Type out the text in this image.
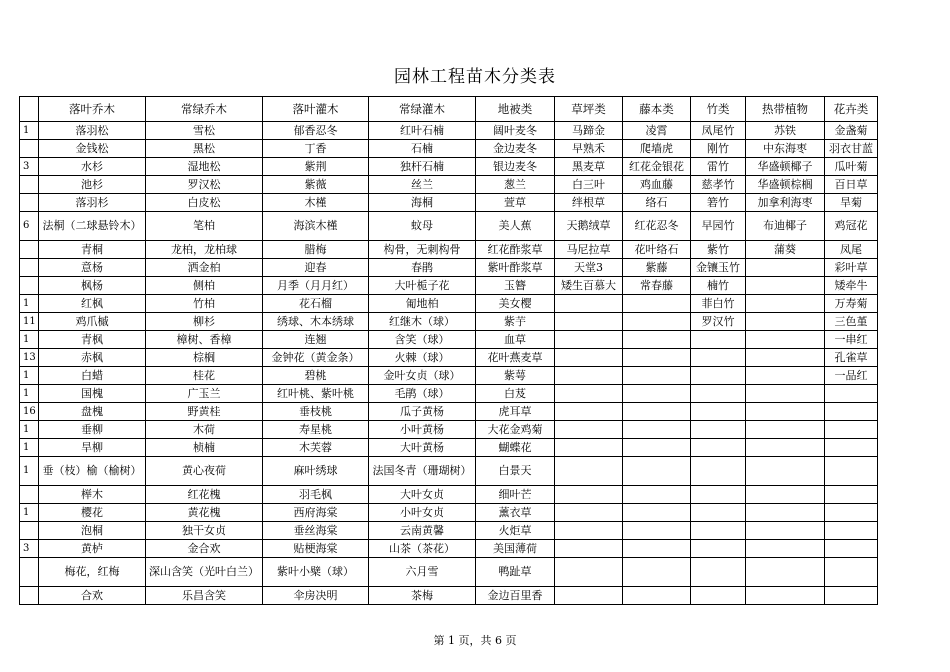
园林工程苗木分类表
	落叶乔木	常绿乔木	落叶灌木	常绿灌木	地被类	草坪类	藤本类	竹类	热带植物	花卉类
1	落羽松	雪松	郁香忍冬	红叶石楠	阔叶麦冬	马蹄金	凌霄	凤尾竹	苏铁	金盏菊
	金钱松	黑松	丁香	石楠	金边麦冬	早熟禾	爬墙虎	刚竹	中东海枣	羽衣甘蓝
3	水杉	湿地松	紫荆	独杆石楠	银边麦冬	黑麦草	红花金银花	雷竹	华盛顿椰子	瓜叶菊
	池杉	罗汉松	紫薇	丝兰	葱兰	白三叶	鸡血藤	慈孝竹	华盛顿棕榈	百日草
	落羽杉	白皮松	木槿	海桐	萱草	绊根草	络石	箬竹	加拿利海枣	旱菊
6	法桐（二球悬铃木）	笔柏	海滨木槿	蚊母	美人蕉	天鹅绒草	红花忍冬	早园竹	布迪椰子	鸡冠花
	青桐	龙柏，龙柏球	腊梅	构骨，无刺构骨	红花酢浆草	马尼拉草	花叶络石	紫竹	蒲葵	凤尾
	意杨	洒金柏	迎春	春鹃	紫叶酢浆草	天堂3	紫藤	金镶玉竹		彩叶草
	枫杨	侧柏	月季（月月红）	大叶栀子花	玉簪	矮生百慕大	常春藤	楠竹		矮牵牛
1	红枫	竹柏	花石榴	匍地柏	美女樱			菲白竹		万寿菊
11	鸡爪槭	柳杉	绣球、木本绣球	红继木（球）	紫芋			罗汉竹		三色堇
1	青枫	樟树、香樟	连翘	含笑（球）	血草					一串红
13	赤枫	棕榈	金钟花（黄金条）	火棘（球）	花叶燕麦草					孔雀草
1	白蜡	桂花	碧桃	金叶女贞（球）	紫萼					一品红
1	国槐	广玉兰	红叶桃、紫叶桃	毛鹃（球）	白芨					
16	盘槐	野黄桂	垂枝桃	瓜子黄杨	虎耳草					
1	垂柳	木荷	寿星桃	小叶黄杨	大花金鸡菊					
1	旱柳	桢楠	木芙蓉	大叶黄杨	蝴蝶花					
1	垂（枝）榆（榆树）	黄心夜荷	麻叶绣球	法国冬青（珊瑚树）	白景天					
	榉木	红花槐	羽毛枫	大叶女贞	细叶芒					
1	樱花	黄花槐	西府海棠	小叶女贞	薰衣草					
	泡桐	独干女贞	垂丝海棠	云南黄馨	火炬草					
3	黄栌	金合欢	贴梗海棠	山茶（茶花）	美国薄荷					
	梅花，红梅	深山含笑（光叶白兰）	紫叶小檗（球）	六月雪	鸭趾草					
	合欢	乐昌含笑	伞房决明	茶梅	金边百里香					
第 1 页，共 6 页
